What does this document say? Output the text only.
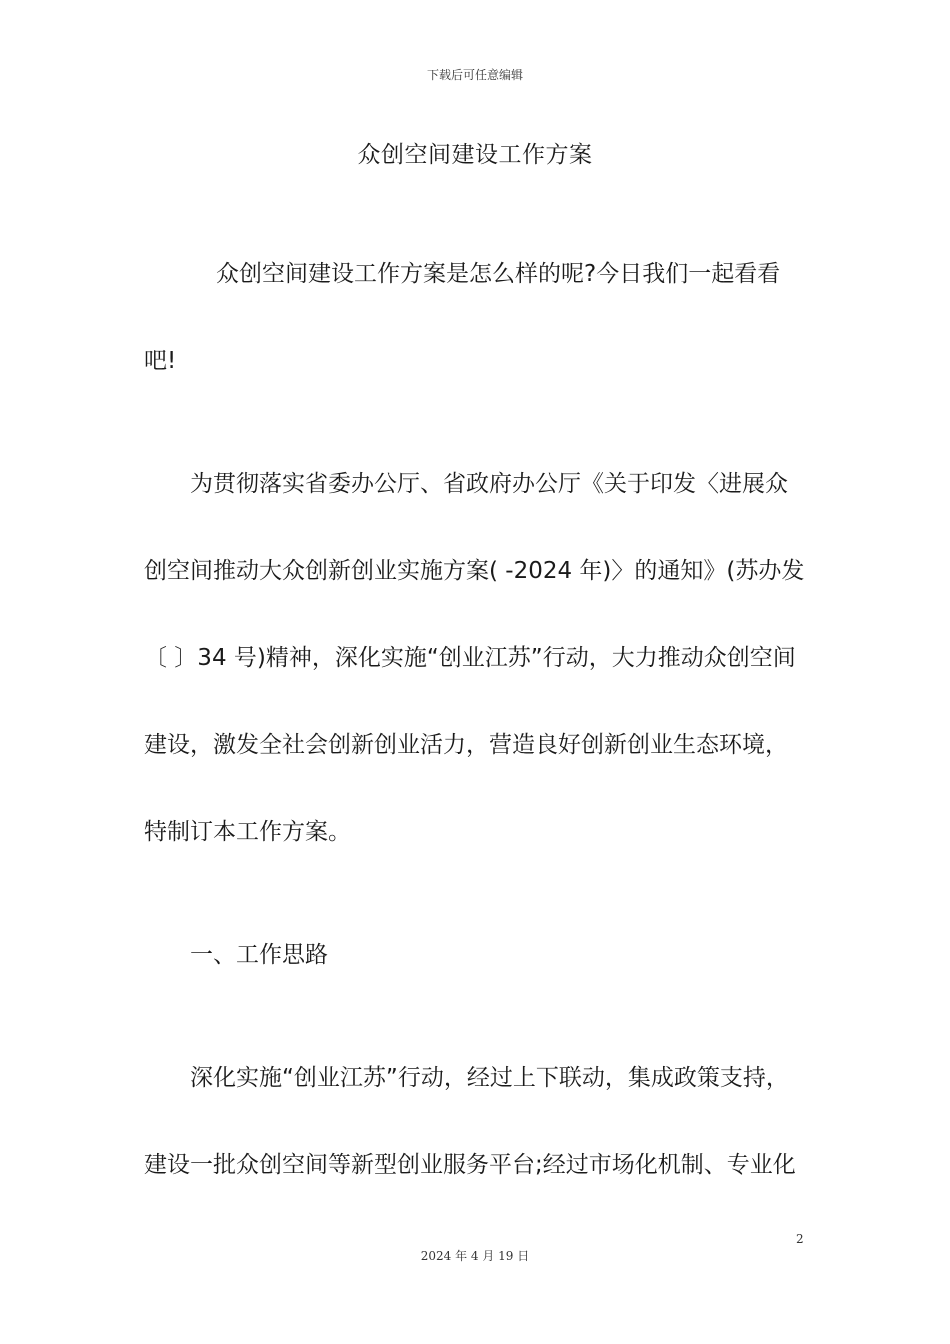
下载后可任意编辑
众创空间建设工作方案
众创空间建设工作方案是怎么样的呢?今日我们一起看看
吧!
为贯彻落实省委办公厅、省政府办公厅《关于印发〈进展众
创空间推动大众创新创业实施方案( -2024 年)〉的通知》(苏办发
〔 〕34 号)精神，深化实施“创业江苏”行动，大力推动众创空间
建设，激发全社会创新创业活力，营造良好创新创业生态环境，
特制订本工作方案。
一、工作思路
深化实施“创业江苏”行动，经过上下联动，集成政策支持，
建设一批众创空间等新型创业服务平台;经过市场化机制、专业化
2
2024 年 4 月 19 日
